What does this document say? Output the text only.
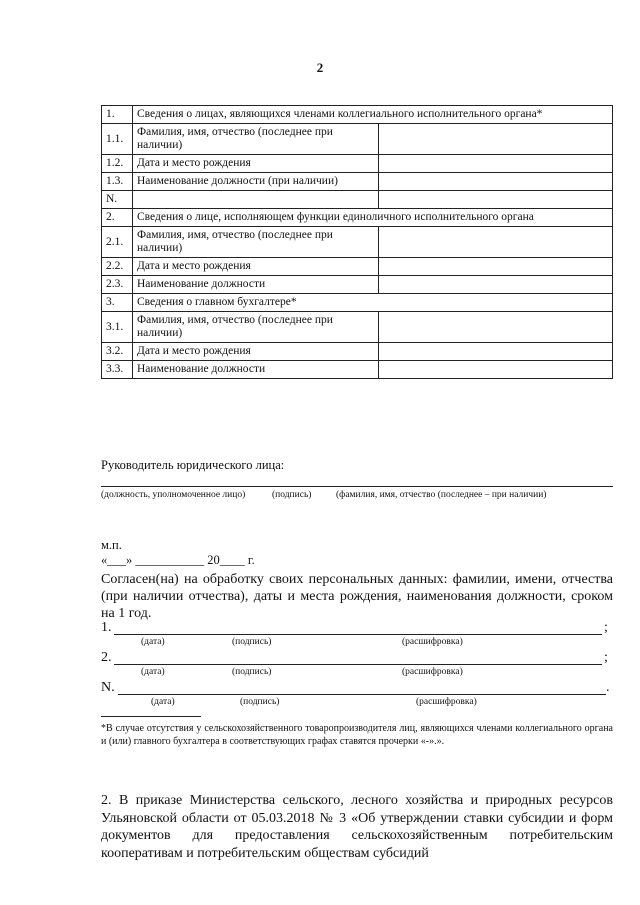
2
1.	Сведения о лицах, являющихся членами коллегиального исполнительного органа*	
1.1.	Фамилия, имя, отчество (последнее при наличии)	
1.2.	Дата и место рождения	
1.3.	Наименование должности (при наличии)	
N.		
2.	Сведения о лице, исполняющем функции единоличного исполнительного органа	
2.1.	Фамилия, имя, отчество (последнее при наличии)	
2.2.	Дата и место рождения	
2.3.	Наименование должности	
3.	Сведения о главном бухгалтере*	
3.1.	Фамилия, имя, отчество (последнее при наличии)	
3.2.	Дата и место рождения	
3.3.	Наименование должности	
Руководитель юридического лица:
(должность, уполномоченное лицо)	(подпись)	(фамилия, имя, отчество (последнее – при наличии)
м.п.
«___» ___________ 20____ г.
Согласен(на) на обработку своих персональных данных: фамилии, имени, отчества (при наличии отчества), даты и места рождения, наименования должности, сроком на 1 год.
1.	;
(дата)	(подпись)	(расшифровка)
2.	;
(дата)	(подпись)	(расшифровка)
N.	.
(дата)	(подпись)	(расшифровка)
*В случае отсутствия у сельскохозяйственного товаропроизводителя лиц, являющихся членами коллегиального органа и (или) главного бухгалтера в соответствующих графах ставятся прочерки «-».».
2. В приказе Министерства сельского, лесного хозяйства и природных ресурсов Ульяновской области от 05.03.2018 № 3 «Об утверждении ставки субсидии и форм документов для предоставления сельскохозяйственным потребительским кооперативам и потребительским обществам субсидий
